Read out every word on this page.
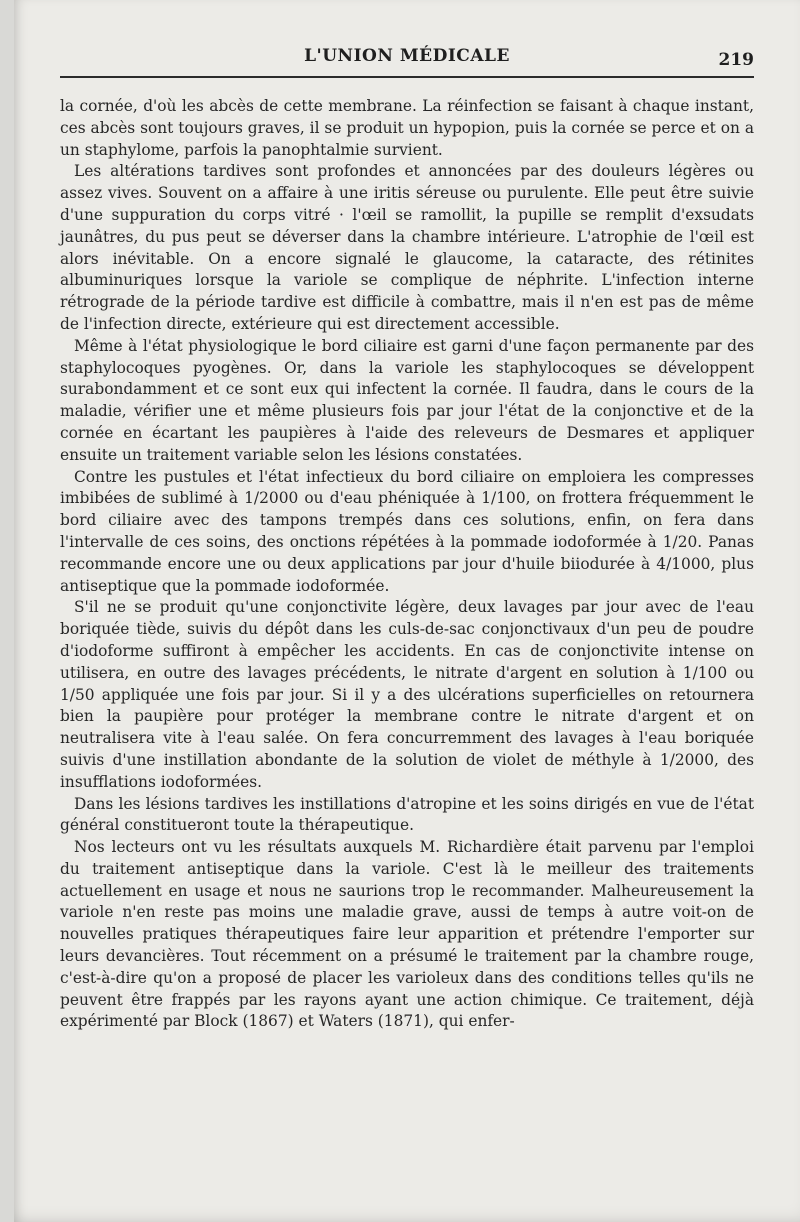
L'UNION MÉDICALE	219

la cornée, d'où les abcès de cette membrane. La réinfection se faisant à chaque instant, ces abcès sont toujours graves, il se produit un hypopion, puis la cornée se perce et on a un staphylome, parfois la panophtalmie survient.

Les altérations tardives sont profondes et annoncées par des douleurs légères ou assez vives. Souvent on a affaire à une iritis séreuse ou purulente. Elle peut être suivie d'une suppuration du corps vitré · l'œil se ramollit, la pupille se remplit d'exsudats jaunâtres, du pus peut se déverser dans la chambre intérieure. L'atrophie de l'œil est alors inévitable. On a encore signalé le glaucome, la cataracte, des rétinites albuminuriques lorsque la variole se complique de néphrite. L'infection interne rétrograde de la période tardive est difficile à combattre, mais il n'en est pas de même de l'infection directe, extérieure qui est directement accessible.

Même à l'état physiologique le bord ciliaire est garni d'une façon permanente par des staphylocoques pyogènes. Or, dans la variole les staphylocoques se développent surabondamment et ce sont eux qui infectent la cornée. Il faudra, dans le cours de la maladie, vérifier une et même plusieurs fois par jour l'état de la conjonctive et de la cornée en écartant les paupières à l'aide des releveurs de Desmares et appliquer ensuite un traitement variable selon les lésions constatées.

Contre les pustules et l'état infectieux du bord ciliaire on emploiera les compresses imbibées de sublimé à 1/2000 ou d'eau phéniquée à 1/100, on frottera fréquemment le bord ciliaire avec des tampons trempés dans ces solutions, enfin, on fera dans l'intervalle de ces soins, des onctions répétées à la pommade iodoformée à 1/20. Panas recommande encore une ou deux applications par jour d'huile biiodurée à 4/1000, plus antiseptique que la pommade iodoformée.

S'il ne se produit qu'une conjonctivite légère, deux lavages par jour avec de l'eau boriquée tiède, suivis du dépôt dans les culs-de-sac conjonctivaux d'un peu de poudre d'iodoforme suffiront à empêcher les accidents. En cas de conjonctivite intense on utilisera, en outre des lavages précédents, le nitrate d'argent en solution à 1/100 ou 1/50 appliquée une fois par jour. Si il y a des ulcérations superficielles on retournera bien la paupière pour protéger la membrane contre le nitrate d'argent et on neutralisera vite à l'eau salée. On fera concurremment des lavages à l'eau boriquée suivis d'une instillation abondante de la solution de violet de méthyle à 1/2000, des insufflations iodoformées.

Dans les lésions tardives les instillations d'atropine et les soins dirigés en vue de l'état général constitueront toute la thérapeutique.

Nos lecteurs ont vu les résultats auxquels M. Richardière était parvenu par l'emploi du traitement antiseptique dans la variole. C'est là le meilleur des traitements actuellement en usage et nous ne saurions trop le recommander. Malheureusement la variole n'en reste pas moins une maladie grave, aussi de temps à autre voit-on de nouvelles pratiques thérapeutiques faire leur apparition et prétendre l'emporter sur leurs devancières. Tout récemment on a présumé le traitement par la chambre rouge, c'est-à-dire qu'on a proposé de placer les varioleux dans des conditions telles qu'ils ne peuvent être frappés par les rayons ayant une action chimique. Ce traitement, déjà expérimenté par Block (1867) et Waters (1871), qui enfer-
